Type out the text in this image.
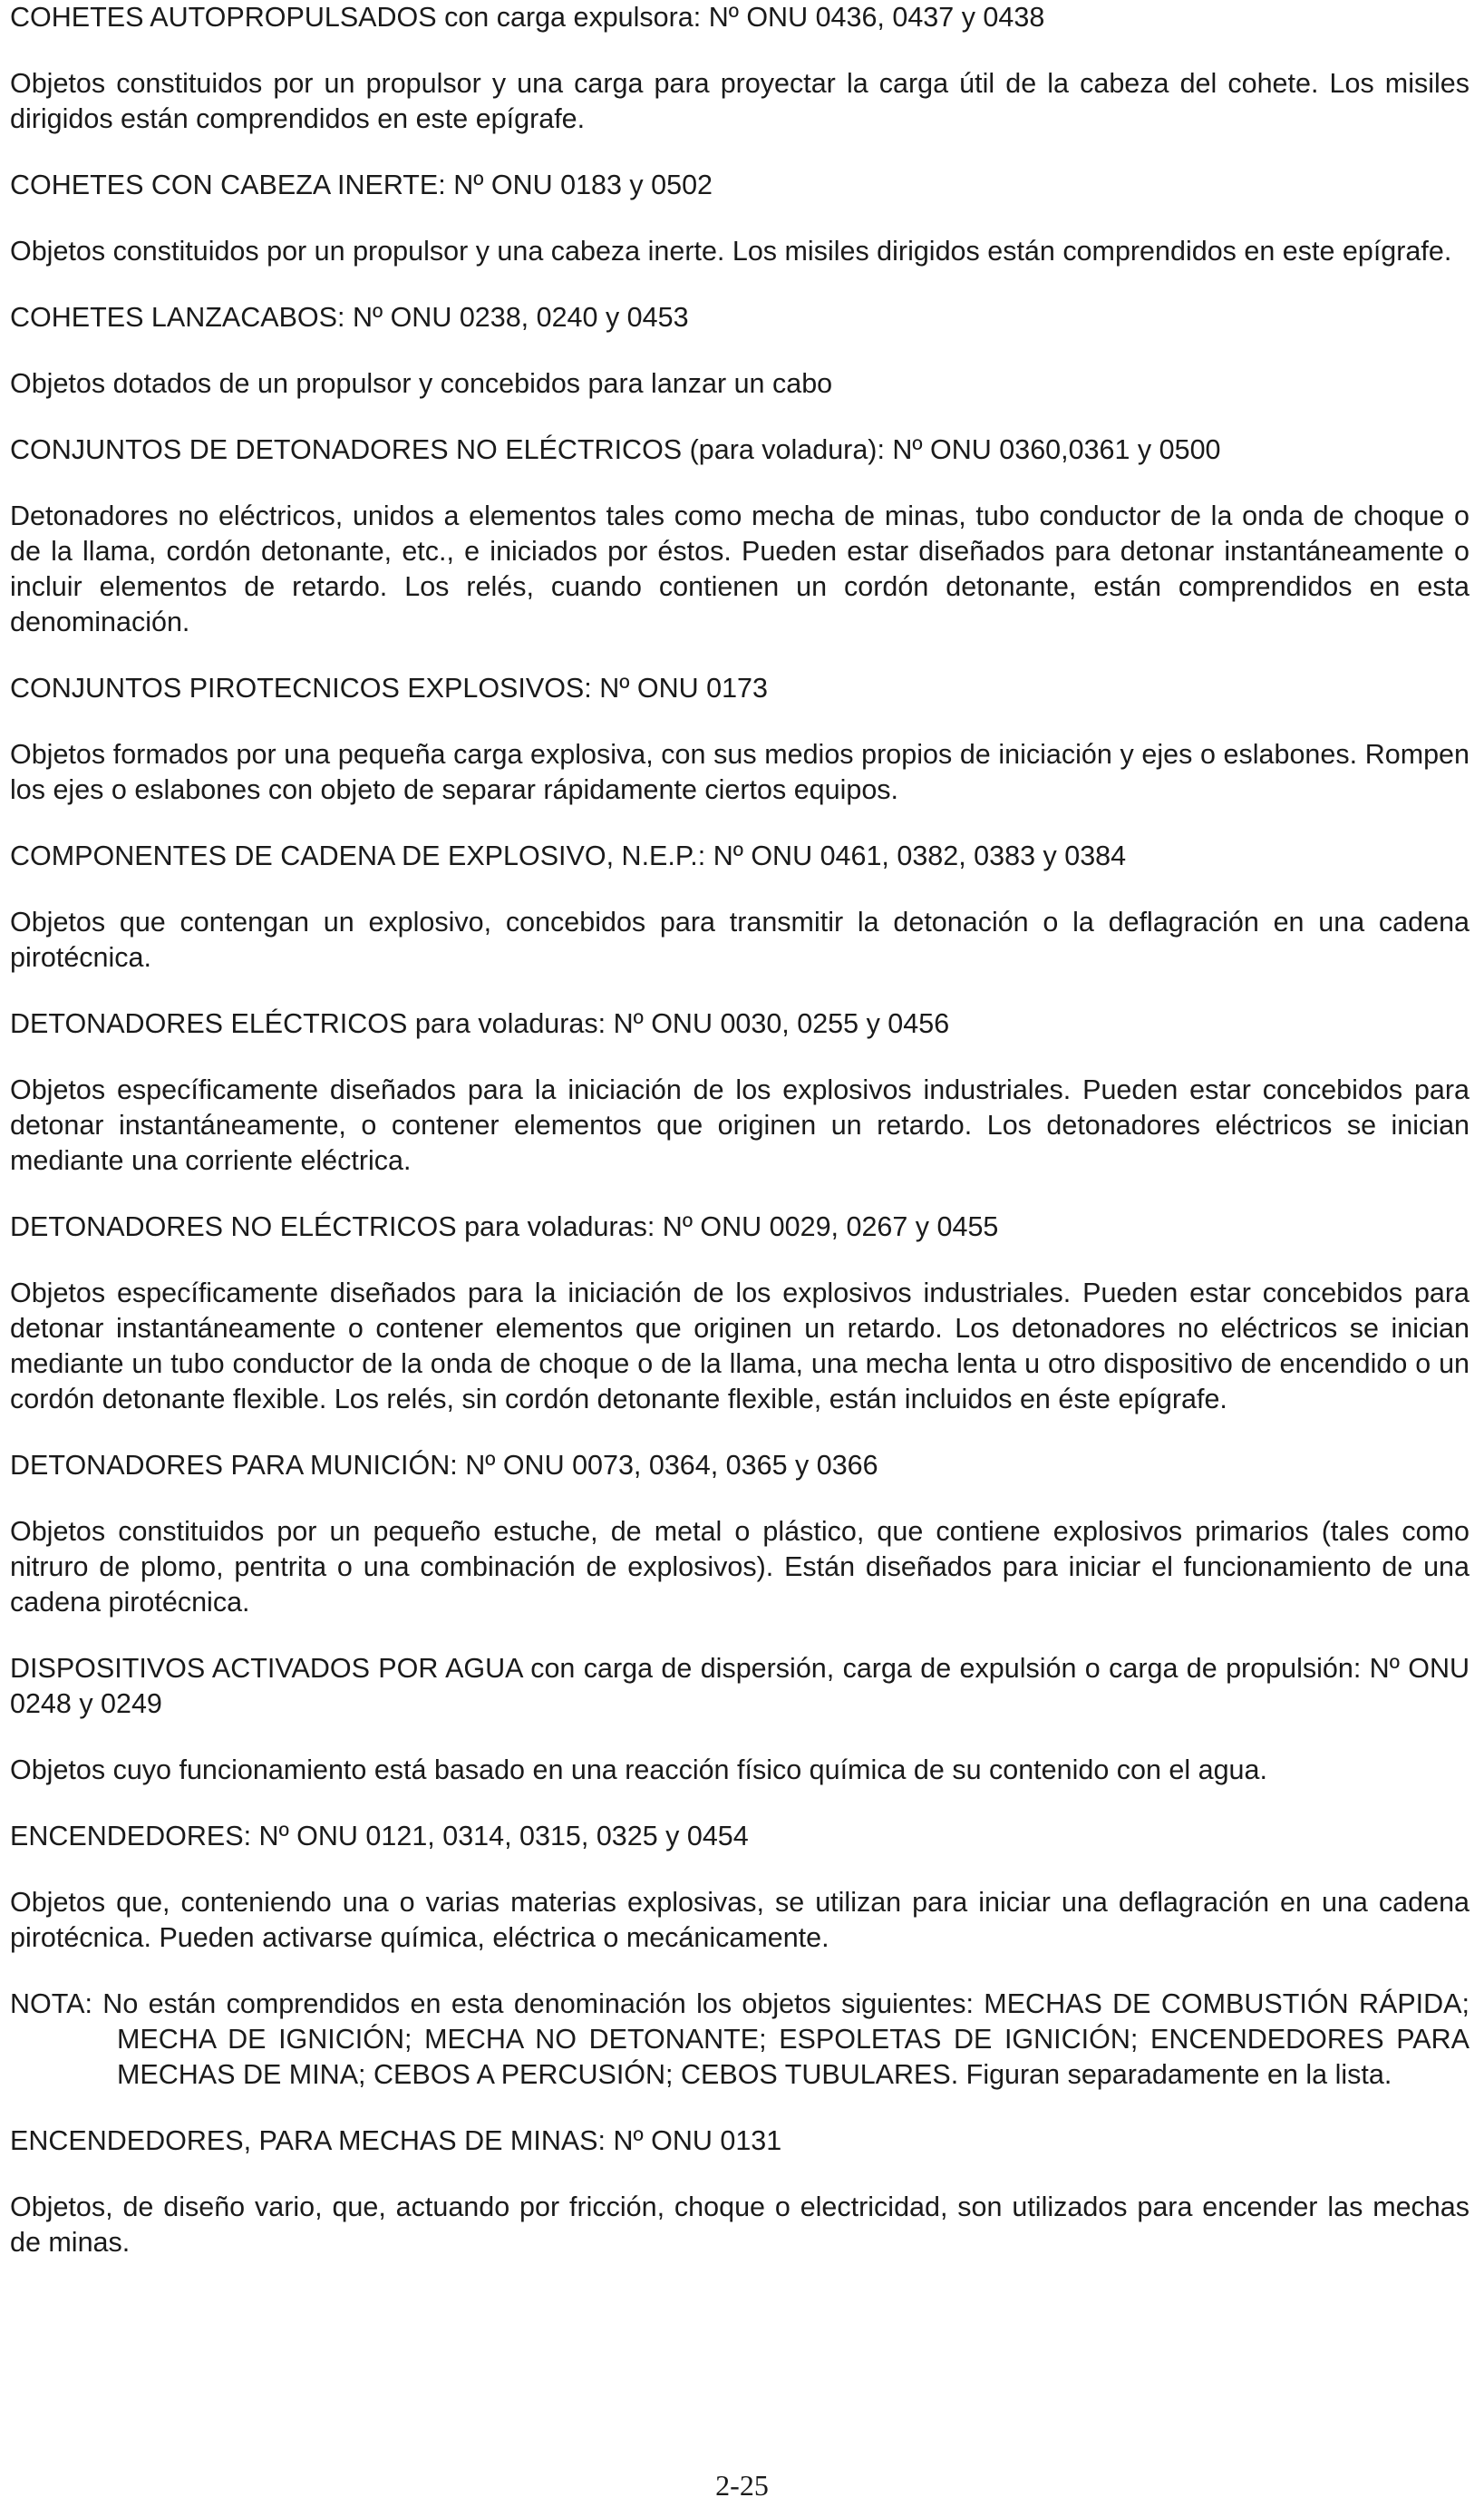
COHETES AUTOPROPULSADOS con carga expulsora: Nº ONU 0436, 0437 y 0438

Objetos constituidos por un propulsor y una carga para proyectar la carga útil de la cabeza del cohete. Los misiles dirigidos están comprendidos en este epígrafe.

COHETES CON CABEZA INERTE: Nº ONU 0183 y 0502

Objetos constituidos por un propulsor y una cabeza inerte. Los misiles dirigidos están comprendidos en este epígrafe.

COHETES LANZACABOS: Nº ONU 0238, 0240 y 0453

Objetos dotados de un propulsor y concebidos para lanzar un cabo

CONJUNTOS DE DETONADORES NO ELÉCTRICOS (para voladura): Nº ONU 0360,0361 y 0500

Detonadores no eléctricos, unidos a elementos tales como mecha de minas, tubo conductor de la onda de choque o de la llama, cordón detonante, etc., e iniciados por éstos. Pueden estar diseñados para detonar instantáneamente o incluir elementos de retardo. Los relés, cuando contienen un cordón detonante, están comprendidos en esta denominación.

CONJUNTOS PIROTECNICOS EXPLOSIVOS: Nº ONU 0173

Objetos formados por una pequeña carga explosiva, con sus medios propios de iniciación y ejes o eslabones. Rompen los ejes o eslabones con objeto de separar rápidamente ciertos equipos.

COMPONENTES DE CADENA DE EXPLOSIVO, N.E.P.: Nº ONU 0461, 0382, 0383 y 0384

Objetos que contengan un explosivo, concebidos para transmitir la detonación o la deflagración en una cadena pirotécnica.

DETONADORES ELÉCTRICOS para voladuras: Nº ONU 0030, 0255 y 0456

Objetos específicamente diseñados para la iniciación de los explosivos industriales. Pueden estar concebidos para detonar instantáneamente, o contener elementos que originen un retardo. Los detonadores eléctricos se inician mediante una corriente eléctrica.

DETONADORES NO ELÉCTRICOS para voladuras: Nº ONU 0029, 0267 y 0455

Objetos específicamente diseñados para la iniciación de los explosivos industriales. Pueden estar concebidos para detonar instantáneamente o contener elementos que originen un retardo. Los detonadores no eléctricos se inician mediante un tubo conductor de la onda de choque o de la llama, una mecha lenta u otro dispositivo de encendido o un cordón detonante flexible. Los relés, sin cordón detonante flexible, están incluidos en éste epígrafe.

DETONADORES PARA MUNICIÓN: Nº ONU 0073, 0364, 0365 y 0366

Objetos constituidos por un pequeño estuche, de metal o plástico, que contiene explosivos primarios (tales como nitruro de plomo, pentrita o una combinación de explosivos). Están diseñados para iniciar el funcionamiento de una cadena pirotécnica.

DISPOSITIVOS ACTIVADOS POR AGUA con carga de dispersión, carga de expulsión o carga de propulsión: Nº ONU 0248 y 0249

Objetos cuyo funcionamiento está basado en una reacción físico química de su contenido con el agua.

ENCENDEDORES: Nº ONU 0121, 0314, 0315, 0325 y 0454

Objetos que, conteniendo una o varias materias explosivas, se utilizan para iniciar una deflagración en una cadena pirotécnica. Pueden activarse química, eléctrica o mecánicamente.

NOTA: No están comprendidos en esta denominación los objetos siguientes: MECHAS DE COMBUSTIÓN RÁPIDA; MECHA DE IGNICIÓN; MECHA NO DETONANTE; ESPOLETAS DE IGNICIÓN; ENCENDEDORES PARA MECHAS DE MINA; CEBOS A PERCUSIÓN; CEBOS TUBULARES. Figuran separadamente en la lista.

ENCENDEDORES, PARA MECHAS DE MINAS: Nº ONU 0131

Objetos, de diseño vario, que, actuando por fricción, choque o electricidad, son utilizados para encender las mechas de minas.

2-25
